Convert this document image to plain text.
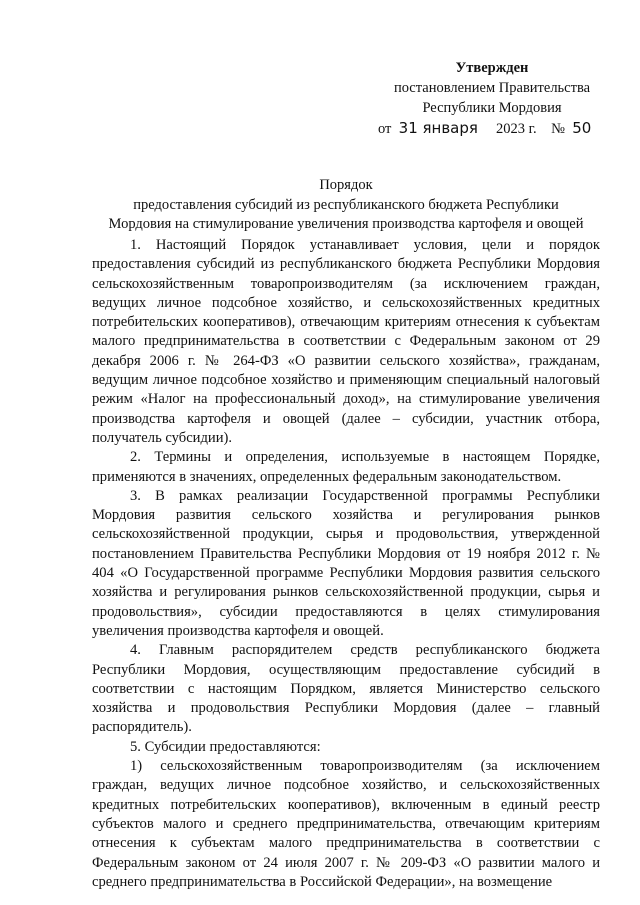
Утвержден
постановлением Правительства
Республики Мордовия
от 31 января 2023 г. № 50
Порядок
предоставления субсидий из республиканского бюджета Республики
Мордовия на стимулирование увеличения производства картофеля и овощей

1. Настоящий Порядок устанавливает условия, цели и порядок предоставления субсидий из республиканского бюджета Республики Мордовия сельскохозяйственным товаропроизводителям (за исключением граждан, ведущих личное подсобное хозяйство, и сельскохозяйственных кредитных потребительских кооперативов), отвечающим критериям отнесения к субъектам малого предпринимательства в соответствии с Федеральным законом от 29 декабря 2006 г. № 264-ФЗ «О развитии сельского хозяйства», гражданам, ведущим личное подсобное хозяйство и применяющим специальный налоговый режим «Налог на профессиональный доход», на стимулирование увеличения производства картофеля и овощей (далее – субсидии, участник отбора, получатель субсидии).

2. Термины и определения, используемые в настоящем Порядке, применяются в значениях, определенных федеральным законодательством.

3. В рамках реализации Государственной программы Республики Мордовия развития сельского хозяйства и регулирования рынков сельскохозяйственной продукции, сырья и продовольствия, утвержденной постановлением Правительства Республики Мордовия от 19 ноября 2012 г. № 404 «О Государственной программе Республики Мордовия развития сельского хозяйства и регулирования рынков сельскохозяйственной продукции, сырья и продовольствия», субсидии предоставляются в целях стимулирования увеличения производства картофеля и овощей.

4. Главным распорядителем средств республиканского бюджета Республики Мордовия, осуществляющим предоставление субсидий в соответствии с настоящим Порядком, является Министерство сельского хозяйства и продовольствия Республики Мордовия (далее – главный распорядитель).

5. Субсидии предоставляются:

1) сельскохозяйственным товаропроизводителям (за исключением граждан, ведущих личное подсобное хозяйство, и сельскохозяйственных кредитных потребительских кооперативов), включенным в единый реестр субъектов малого и среднего предпринимательства, отвечающим критериям отнесения к субъектам малого предпринимательства в соответствии с Федеральным законом от 24 июля 2007 г. № 209-ФЗ «О развитии малого и среднего предпринимательства в Российской Федерации», на возмещение
